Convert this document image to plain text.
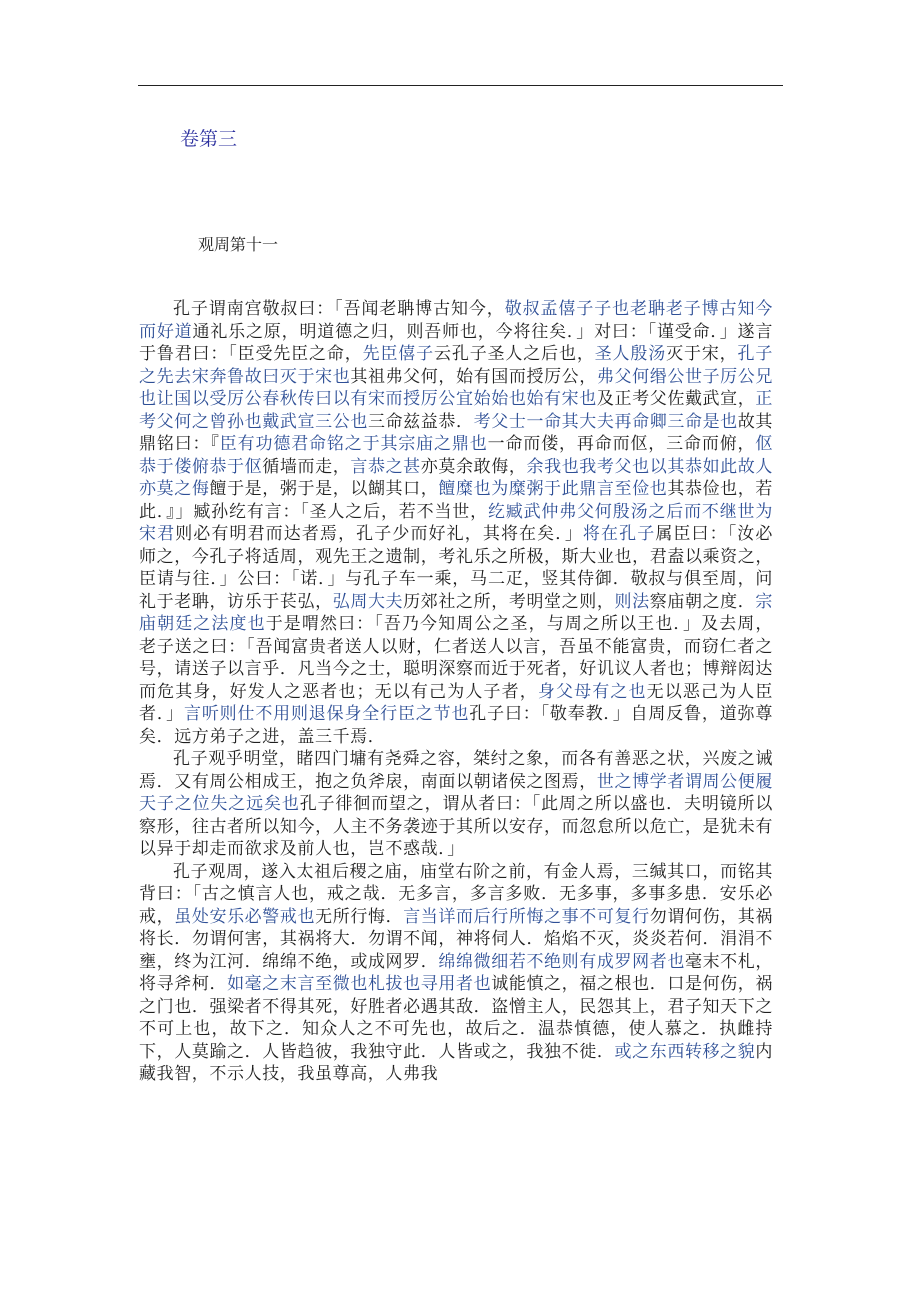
卷第三
观周第十一

孔子谓南宫敬叔曰：「吾闻老聃博古知今，敬叔孟僖子子也老聃老子博古知今而好道通礼乐之原，明道德之归，则吾师也，今将往矣．」对曰：「谨受命．」遂言于鲁君曰：「臣受先臣之命，先臣僖子云孔子圣人之后也，圣人殷汤灭于宋，孔子之先去宋奔鲁故曰灭于宋也其祖弗父何，始有国而授厉公，弗父何缗公世子厉公兄也让国以受厉公春秋传曰以有宋而授厉公宜始始也始有宋也及正考父佐戴武宣，正考父何之曾孙也戴武宣三公也三命兹益恭．考父士一命其大夫再命卿三命是也故其鼎铭曰：『臣有功德君命铭之于其宗庙之鼎也一命而偻，再命而伛，三命而俯，伛恭于偻俯恭于伛循墙而走，言恭之甚亦莫余敢侮，余我也我考父也以其恭如此故人亦莫之侮饘于是，粥于是，以餬其口，饘糜也为糜粥于此鼎言至俭也其恭俭也，若此．』」臧孙纥有言：「圣人之后，若不当世，纥臧武仲弗父何殷汤之后而不继世为宋君则必有明君而达者焉，孔子少而好礼，其将在矣．」将在孔子属臣曰：「汝必师之，今孔子将适周，观先王之遗制，考礼乐之所极，斯大业也，君盍以乘资之，臣请与往．」公曰：「诺．」与孔子车一乘，马二疋，竖其侍御．敬叔与俱至周，问礼于老聃，访乐于苌弘，弘周大夫历郊社之所，考明堂之则，则法察庙朝之度．宗庙朝廷之法度也于是喟然曰：「吾乃今知周公之圣，与周之所以王也．」及去周，老子送之曰：「吾闻富贵者送人以财，仁者送人以言，吾虽不能富贵，而窃仁者之号，请送子以言乎．凡当今之士，聪明深察而近于死者，好讥议人者也；博辩闳达而危其身，好发人之恶者也；无以有己为人子者，身父母有之也无以恶己为人臣者．」言听则仕不用则退保身全行臣之节也孔子曰：「敬奉教．」自周反鲁，道弥尊矣．远方弟子之进，盖三千焉．

孔子观乎明堂，睹四门墉有尧舜之容，桀纣之象，而各有善恶之状，兴废之诫焉．又有周公相成王，抱之负斧扆，南面以朝诸侯之图焉，世之博学者谓周公便履天子之位失之远矣也孔子徘徊而望之，谓从者曰：「此周之所以盛也．夫明镜所以察形，往古者所以知今，人主不务袭迹于其所以安存，而忽怠所以危亡，是犹未有以异于却走而欲求及前人也，岂不惑哉．」

孔子观周，遂入太祖后稷之庙，庙堂右阶之前，有金人焉，三缄其口，而铭其背曰：「古之慎言人也，戒之哉．无多言，多言多败．无多事，多事多患．安乐必戒，虽处安乐必警戒也无所行悔．言当详而后行所悔之事不可复行勿谓何伤，其祸将长．勿谓何害，其祸将大．勿谓不闻，神将伺人．焰焰不灭，炎炎若何．涓涓不壅，终为江河．绵绵不绝，或成网罗．绵绵微细若不绝则有成罗网者也毫末不札，将寻斧柯．如毫之末言至微也札拔也寻用者也诚能慎之，福之根也．口是何伤，祸之门也．强梁者不得其死，好胜者必遇其敌．盗憎主人，民怨其上，君子知天下之不可上也，故下之．知众人之不可先也，故后之．温恭慎德，使人慕之．执雌持下，人莫踰之．人皆趋彼，我独守此．人皆或之，我独不徙．或之东西转移之貌内藏我智，不示人技，我虽尊高，人弗我
